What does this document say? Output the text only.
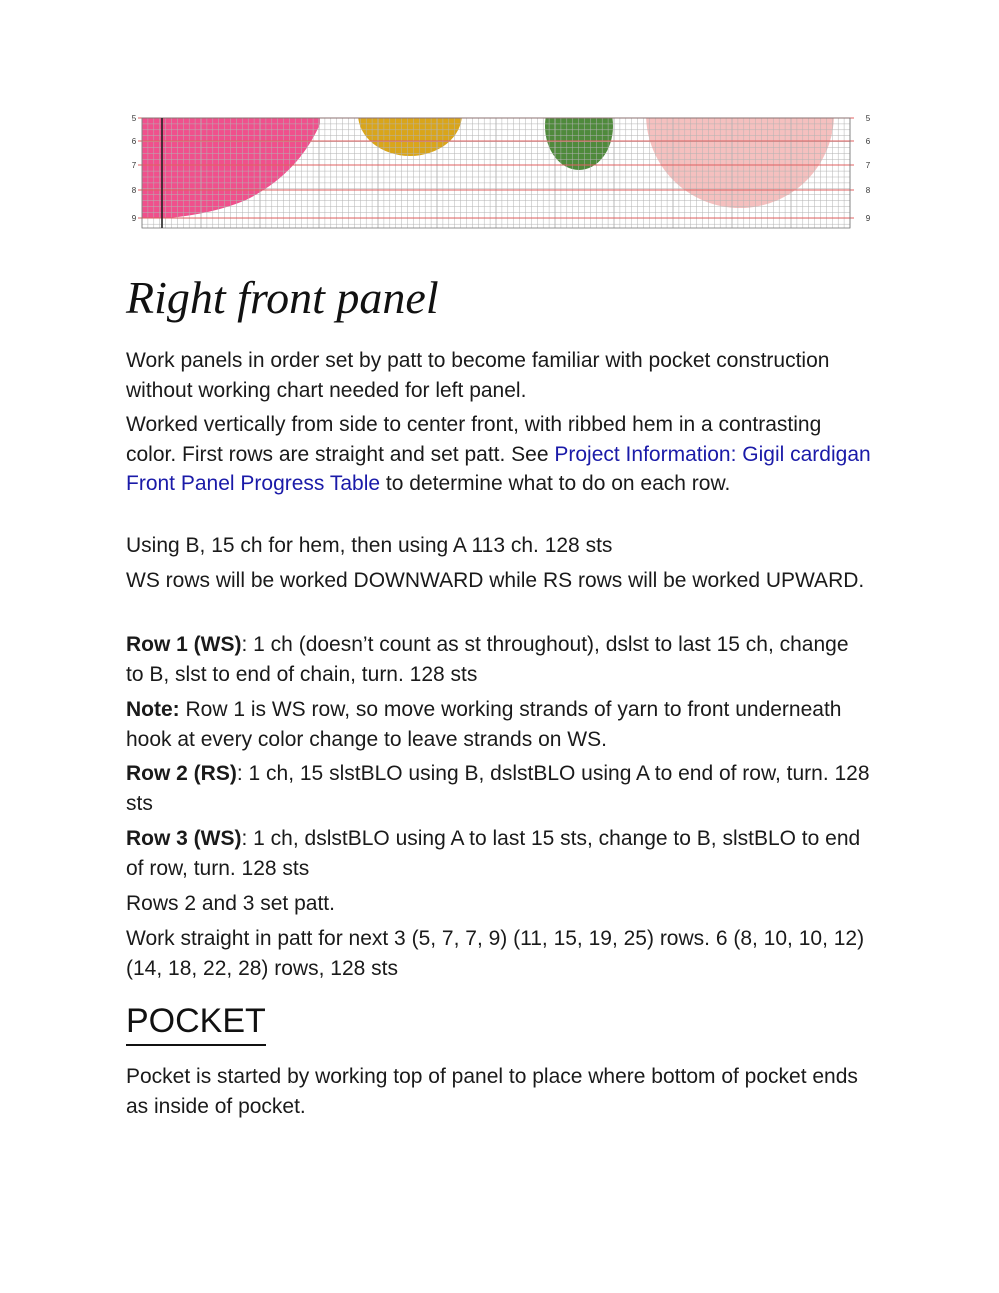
5	5
6	6
7	7
8	8
9	9
Right front panel

Work panels in order set by patt to become familiar with pocket construction without working chart needed for left panel.

Worked vertically from side to center front, with ribbed hem in a contrasting color. First rows are straight and set patt. See Project Information: Gigil cardigan Front Panel Progress Table to determine what to do on each row.

Using B, 15 ch for hem, then using A 113 ch. 128 sts

WS rows will be worked DOWNWARD while RS rows will be worked UPWARD.

Row 1 (WS): 1 ch (doesn’t count as st throughout), dslst to last 15 ch, change to B, slst to end of chain, turn. 128 sts

Note: Row 1 is WS row, so move working strands of yarn to front underneath hook at every color change to leave strands on WS.

Row 2 (RS): 1 ch, 15 slstBLO using B, dslstBLO using A to end of row, turn. 128 sts

Row 3 (WS): 1 ch, dslstBLO using A to last 15 sts, change to B, slstBLO to end of row, turn. 128 sts

Rows 2 and 3 set patt.

Work straight in patt for next 3 (5, 7, 7, 9) (11, 15, 19, 25) rows. 6 (8, 10, 10, 12) (14, 18, 22, 28) rows, 128 sts

POCKET

Pocket is started by working top of panel to place where bottom of pocket ends as inside of pocket.
